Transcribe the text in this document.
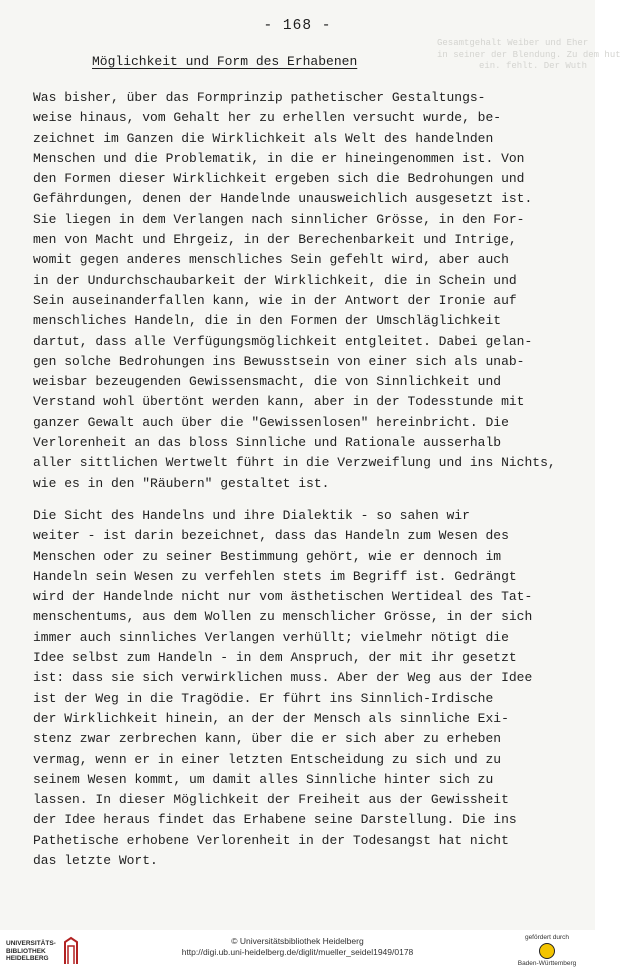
Gesamtgehalt Weiber und Eher
in seiner der Blendung. Zu dem hut
ein. fehlt. Der Wuth
- 168 -
Möglichkeit und Form des Erhabenen
Was bisher, über das Formprinzip pathetischer Gestaltungs-
weise hinaus, vom Gehalt her zu erhellen versucht wurde, be-
zeichnet im Ganzen die Wirklichkeit als Welt des handelnden
Menschen und die Problematik, in die er hineingenommen ist. Von
den Formen dieser Wirklichkeit ergeben sich die Bedrohungen und
Gefährdungen, denen der Handelnde unausweichlich ausgesetzt ist.
Sie liegen in dem Verlangen nach sinnlicher Grösse, in den For-
men von Macht und Ehrgeiz, in der Berechenbarkeit und Intrige,
womit gegen anderes menschliches Sein gefehlt wird, aber auch
in der Undurchschaubarkeit der Wirklichkeit, die in Schein und
Sein auseinanderfallen kann, wie in der Antwort der Ironie auf
menschliches Handeln, die in den Formen der Umschläglichkeit
dartut, dass alle Verfügungsmöglichkeit entgleitet. Dabei gelan-
gen solche Bedrohungen ins Bewusstsein von einer sich als unab-
weisbar bezeugenden Gewissensmacht, die von Sinnlichkeit und
Verstand wohl übertönt werden kann, aber in der Todesstunde mit
ganzer Gewalt auch über die "Gewissenlosen" hereinbricht. Die
Verlorenheit an das bloss Sinnliche und Rationale ausserhalb
aller sittlichen Wertwelt führt in die Verzweiflung und ins Nichts,
wie es in den "Räubern" gestaltet ist.
Die Sicht des Handelns und ihre Dialektik - so sahen wir
weiter - ist darin bezeichnet, dass das Handeln zum Wesen des
Menschen oder zu seiner Bestimmung gehört, wie er dennoch im
Handeln sein Wesen zu verfehlen stets im Begriff ist. Gedrängt
wird der Handelnde nicht nur vom ästhetischen Wertideal des Tat-
menschentums, aus dem Wollen zu menschlicher Grösse, in der sich
immer auch sinnliches Verlangen verhüllt; vielmehr nötigt die
Idee selbst zum Handeln - in dem Anspruch, der mit ihr gesetzt
ist: dass sie sich verwirklichen muss. Aber der Weg aus der Idee
ist der Weg in die Tragödie. Er führt ins Sinnlich-Irdische
der Wirklichkeit hinein, an der der Mensch als sinnliche Exi-
stenz zwar zerbrechen kann, über die er sich aber zu erheben
vermag, wenn er in einer letzten Entscheidung zu sich und zu
seinem Wesen kommt, um damit alles Sinnliche hinter sich zu
lassen. In dieser Möglichkeit der Freiheit aus der Gewissheit
der Idee heraus findet das Erhabene seine Darstellung. Die ins
Pathetische erhobene Verlorenheit in der Todesangst hat nicht
das letzte Wort.
UNIVERSITÄTS-
BIBLIOTHEK
HEIDELBERG
© Universitätsbibliothek Heidelberg
http://digi.ub.uni-heidelberg.de/diglit/mueller_seidel1949/0178
gefördert durch
Baden-Württemberg
